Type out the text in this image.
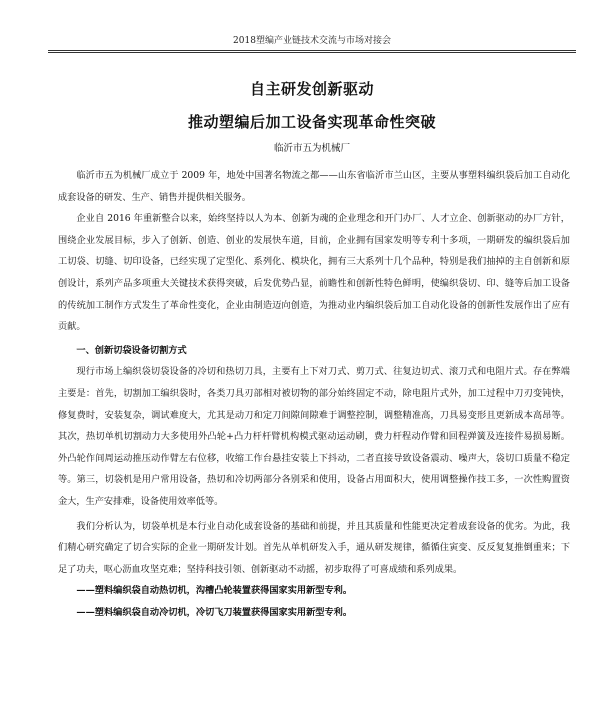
2018塑编产业链技术交流与市场对接会
自主研发创新驱动
推动塑编后加工设备实现革命性突破
临沂市五为机械厂

临沂市五为机械厂成立于 2009 年，地处中国著名物流之都——山东省临沂市兰山区，主要从事塑料编织袋后加工自动化成套设备的研发、生产、销售并提供相关服务。

企业自 2016 年重新整合以来，始终坚持以人为本、创新为魂的企业理念和开门办厂、人才立企、创新驱动的办厂方针，围绕企业发展目标，步入了创新、创造、创业的发展快车道，目前，企业拥有国家发明等专利十多项，一期研发的编织袋后加工切袋、切缝、切印设备，已经实现了定型化、系列化、模块化，拥有三大系列十几个品种，特别是我们抽掉的主自创新和原创设计，系列产品多项重大关键技术获得突破，后发优势凸显，前瞻性和创新性特色鲜明，使编织袋切、印、缝等后加工设备的传统加工制作方式发生了革命性变化，企业由制造迈向创造，为推动业内编织袋后加工自动化设备的创新性发展作出了应有贡献。

一、创新切袋设备切割方式

现行市场上编织袋切袋设备的冷切和热切刀具，主要有上下对刀式、剪刀式、往复边切式、滚刀式和电阻片式。存在弊端主要是：首先，切割加工编织袋时，各类刀具刃部相对被切物的部分始终固定不动，除电阻片式外，加工过程中刀刃变钝快，修复费时，安装复杂，调试难度大，尤其是动刀和定刀间隙间隙难于调整控制，调整精准高，刀具易变形且更新成本高昂等。其次，热切单机切割动力大多使用外凸轮+凸力杆杆臂机构模式驱动运动刷，费力杆程动作臂和回程弹簧及连接件易损易断。外凸轮作间周运动推压动作臂左右位移，收缩工作台悬挂安装上下抖动，二者直接导致设备震动、噪声大，袋切口质量不稳定等。第三，切袋机是用户常用设备，热切和冷切两部分各别采和使用，设备占用面积大，使用调整操作技工多，一次性购置资金大，生产安排难，设备使用效率低等。

我们分析认为，切袋单机是本行业自动化成套设备的基础和前提，并且其质量和性能更决定着成套设备的优劣。为此，我们精心研究确定了切合实际的企业一期研发计划。首先从单机研发入手，通从研发规律，循循住寅变、反反复复推倒重来；下足了功夫，呕心沥血攻坚克难；坚持科技引领、创新驱动不动摇，初步取得了可喜成绩和系列成果。

——塑料编织袋自动热切机，沟槽凸轮装置获得国家实用新型专利。

——塑料编织袋自动冷切机，冷切飞刀装置获得国家实用新型专利。
